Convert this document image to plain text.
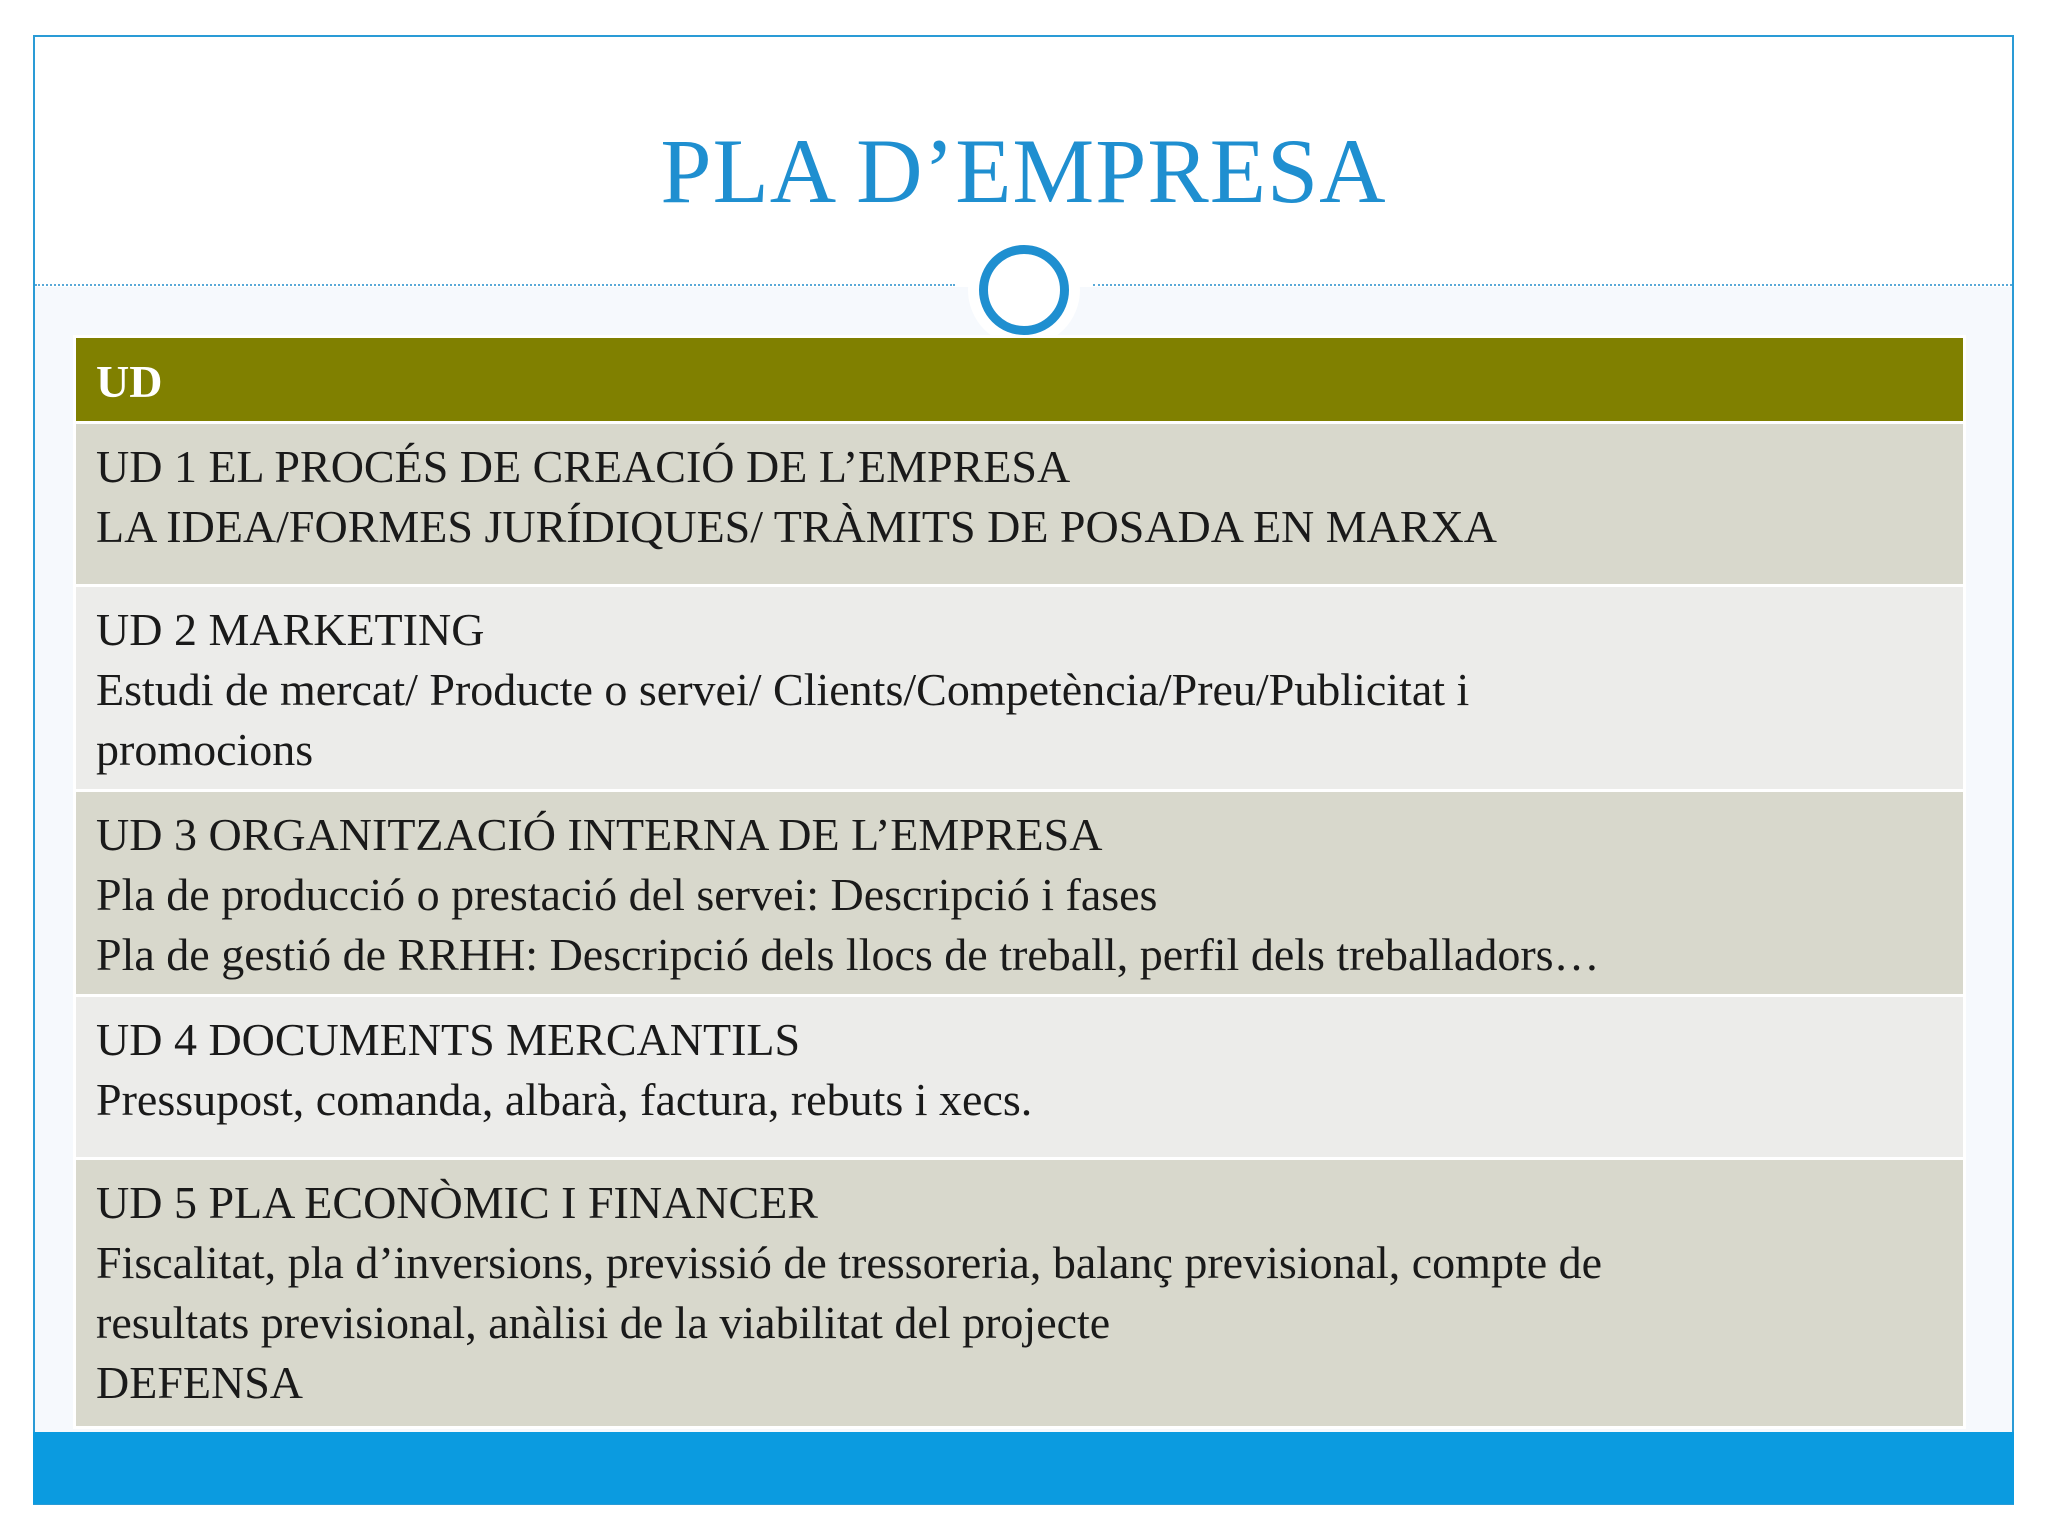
PLA D’EMPRESA
UD
UD 1 EL PROCÉS DE CREACIÓ DE L’EMPRESA
LA IDEA/FORMES JURÍDIQUES/ TRÀMITS DE POSADA EN MARXA
UD 2 MARKETING
Estudi de mercat/ Producte o servei/ Clients/Competència/Preu/Publicitat i
promocions
UD 3 ORGANITZACIÓ INTERNA DE L’EMPRESA
Pla de producció o prestació del servei: Descripció i fases
Pla de gestió de RRHH: Descripció dels llocs de treball, perfil dels treballadors…
UD 4 DOCUMENTS MERCANTILS
Pressupost, comanda, albarà, factura, rebuts i xecs.
UD 5 PLA ECONÒMIC I FINANCER
Fiscalitat, pla d’inversions, previssió de tressoreria, balanç previsional, compte de
resultats previsional, anàlisi de la viabilitat del projecte
DEFENSA
